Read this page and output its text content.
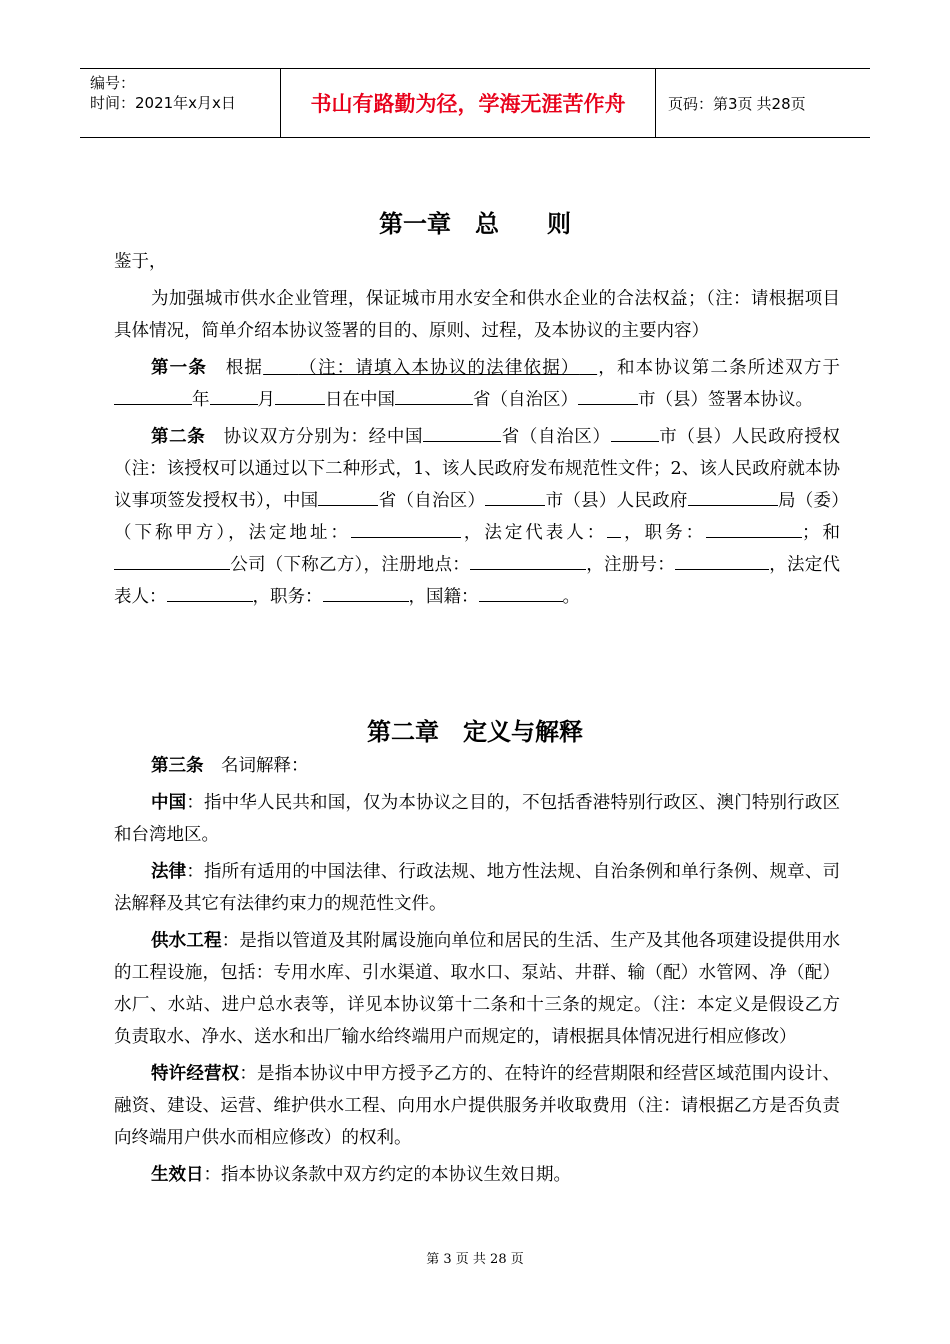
编号：
时间：2021年x月x日	书山有路勤为径，学海无涯苦作舟	页码：第3页 共28页
第一章　总　　则

鉴于，

为加强城市供水企业管理，保证城市用水安全和供水企业的合法权益；（注：请根据项目具体情况，简单介绍本协议签署的目的、原则、过程，及本协议的主要内容）

第一条　 根据   （注：请填入本协议的法律依据）  ，和本协议第二条所述双方于年	月	日在中国	省（自治区）	市（县）签署本协议。

第二条　 协议双方分别为：经中国	省（自治区）	市（县）人民政府授权（注：该授权可以通过以下二种形式，1、该人民政府发布规范性文件；2、该人民政府就本协议事项签发授权书），中国	省（自治区）	市（县）人民政府	局（委）（下称甲方），法定地址：	，法定代表人： ，职务：	；和公司（下称乙方），注册地点：	，注册号：	，法定代表人：	，职务：	，国籍：	。

第二章　定义与解释

第三条　 名词解释：

中国：指中华人民共和国，仅为本协议之目的，不包括香港特别行政区、澳门特别行政区和台湾地区。

法律：指所有适用的中国法律、行政法规、地方性法规、自治条例和单行条例、规章、司法解释及其它有法律约束力的规范性文件。

供水工程：是指以管道及其附属设施向单位和居民的生活、生产及其他各项建设提供用水的工程设施，包括：专用水库、引水渠道、取水口、泵站、井群、输（配）水管网、净（配）水厂、水站、进户总水表等，详见本协议第十二条和十三条的规定。（注：本定义是假设乙方负责取水、净水、送水和出厂输水给终端用户而规定的，请根据具体情况进行相应修改）

特许经营权：是指本协议中甲方授予乙方的、在特许的经营期限和经营区域范围内设计、融资、建设、运营、维护供水工程、向用水户提供服务并收取费用（注：请根据乙方是否负责向终端用户供水而相应修改）的权利。

生效日：指本协议条款中双方约定的本协议生效日期。

第 3 页 共 28 页
